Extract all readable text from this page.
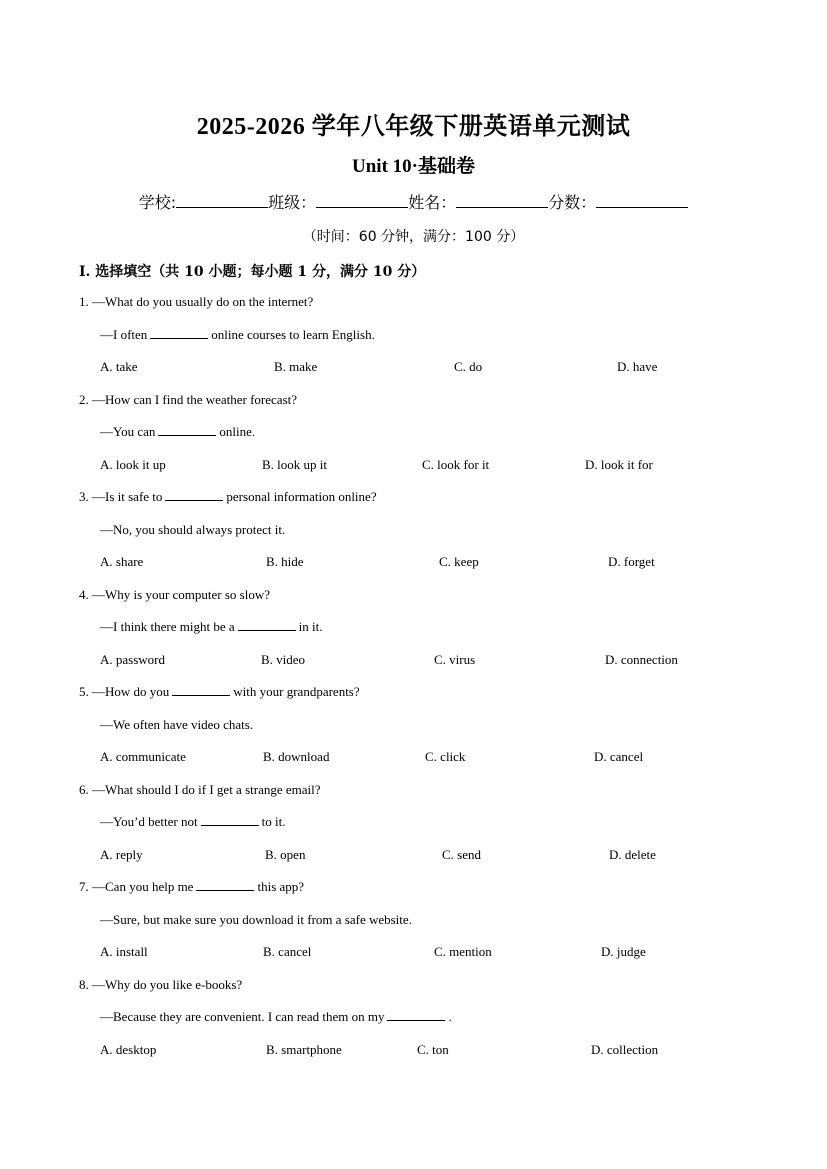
2025-2026 学年八年级下册英语单元测试
Unit 10·基础卷
学校:	班级：	姓名：	分数：
（时间：60 分钟，满分：100 分）
I. 选择填空（共 10 小题；每小题 1 分，满分 10 分）
1. —What do you usually do on the internet?
—I often	online courses to learn English.
A. take	B. make	C. do	D. have
2. —How can I find the weather forecast?
—You can	online.
A. look it up	B. look up it	C. look for it	D. look it for
3. —Is it safe to	personal information online?
—No, you should always protect it.
A. share	B. hide	C. keep	D. forget
4. —Why is your computer so slow?
—I think there might be a	in it.
A. password	B. video	C. virus	D. connection
5. —How do you	with your grandparents?
—We often have video chats.
A. communicate	B. download	C. click	D. cancel
6. —What should I do if I get a strange email?
—You’d better not	to it.
A. reply	B. open	C. send	D. delete
7. —Can you help me	this app?
—Sure, but make sure you download it from a safe website.
A. install	B. cancel	C. mention	D. judge
8. —Why do you like e-books?
—Because they are convenient. I can read them on my	.
A. desktop	B. smartphone	C. ton	D. collection
